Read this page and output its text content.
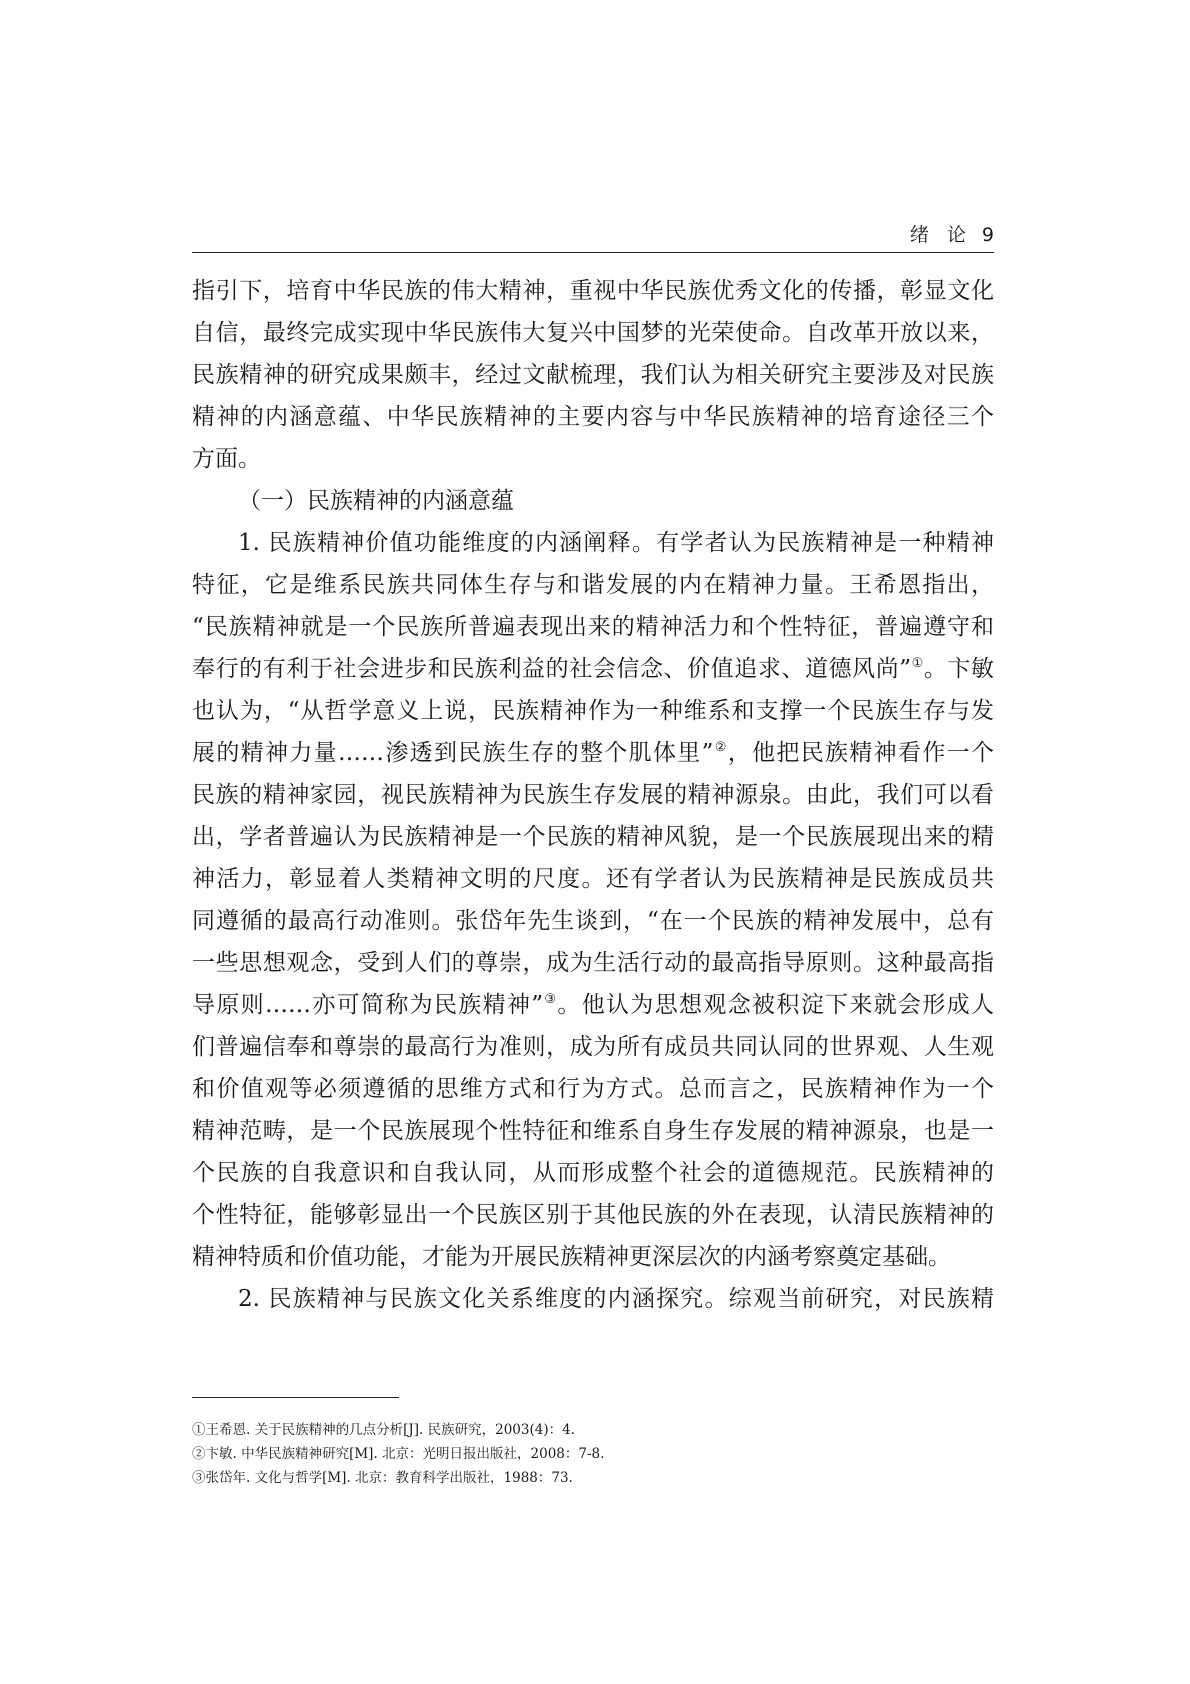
绪 论 9
指引下，培育中华民族的伟大精神，重视中华民族优秀文化的传播，彰显文化
自信，最终完成实现中华民族伟大复兴中国梦的光荣使命。自改革开放以来，
民族精神的研究成果颇丰，经过文献梳理，我们认为相关研究主要涉及对民族
精神的内涵意蕴、中华民族精神的主要内容与中华民族精神的培育途径三个
方面。
（一）民族精神的内涵意蕴
1. 民族精神价值功能维度的内涵阐释。有学者认为民族精神是一种精神
特征，它是维系民族共同体生存与和谐发展的内在精神力量。王希恩指出，
“民族精神就是一个民族所普遍表现出来的精神活力和个性特征，普遍遵守和
奉行的有利于社会进步和民族利益的社会信念、价值追求、道德风尚”①。卞敏
也认为，“从哲学意义上说，民族精神作为一种维系和支撑一个民族生存与发
展的精神力量……渗透到民族生存的整个肌体里”②，他把民族精神看作一个
民族的精神家园，视民族精神为民族生存发展的精神源泉。由此，我们可以看
出，学者普遍认为民族精神是一个民族的精神风貌，是一个民族展现出来的精
神活力，彰显着人类精神文明的尺度。还有学者认为民族精神是民族成员共
同遵循的最高行动准则。张岱年先生谈到，“在一个民族的精神发展中，总有
一些思想观念，受到人们的尊崇，成为生活行动的最高指导原则。这种最高指
导原则……亦可简称为民族精神”③。他认为思想观念被积淀下来就会形成人
们普遍信奉和尊崇的最高行为准则，成为所有成员共同认同的世界观、人生观
和价值观等必须遵循的思维方式和行为方式。总而言之，民族精神作为一个
精神范畴，是一个民族展现个性特征和维系自身生存发展的精神源泉，也是一
个民族的自我意识和自我认同，从而形成整个社会的道德规范。民族精神的
个性特征，能够彰显出一个民族区别于其他民族的外在表现，认清民族精神的
精神特质和价值功能，才能为开展民族精神更深层次的内涵考察奠定基础。
2. 民族精神与民族文化关系维度的内涵探究。综观当前研究，对民族精
①王希恩. 关于民族精神的几点分析[J]. 民族研究，2003(4)：4.
②卞敏. 中华民族精神研究[M]. 北京：光明日报出版社，2008：7-8.
③张岱年. 文化与哲学[M]. 北京：教育科学出版社，1988：73.
